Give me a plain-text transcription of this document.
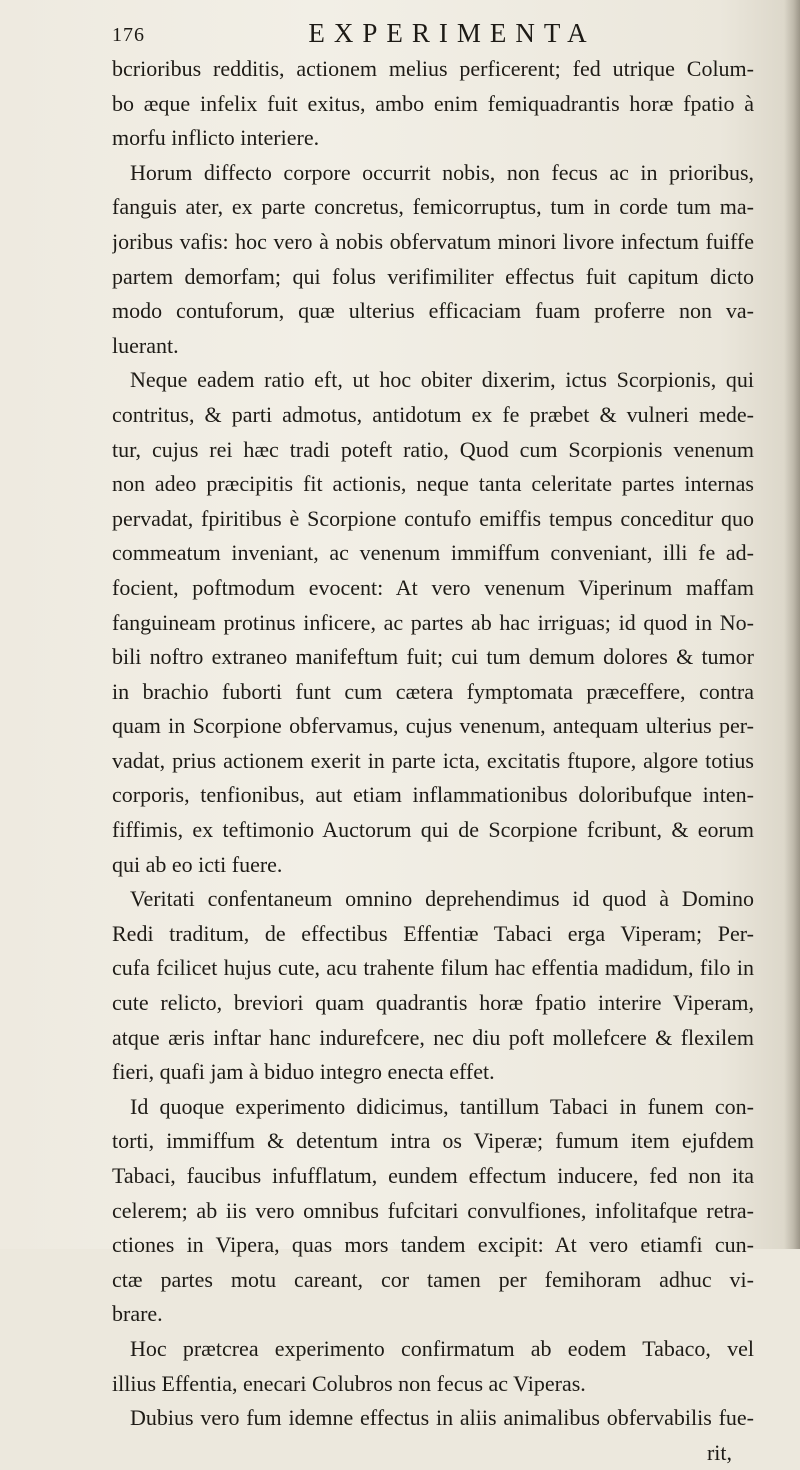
176	EXPERIMENTA
bcrioribus redditis, actionem melius perficerent; fed utrique Colum-
bo æque infelix fuit exitus, ambo enim femiquadrantis horæ fpatio à
morfu inflicto interiere.
Horum diffecto corpore occurrit nobis, non fecus ac in prioribus,
fanguis ater, ex parte concretus, femicorruptus, tum in corde tum ma-
joribus vafis: hoc vero à nobis obfervatum minori livore infectum fuiffe
partem demorfam; qui folus verifimiliter effectus fuit capitum dicto
modo contuforum, quæ ulterius efficaciam fuam proferre non va-
luerant.
Neque eadem ratio eft, ut hoc obiter dixerim, ictus Scorpionis, qui
contritus, & parti admotus, antidotum ex fe præbet & vulneri mede-
tur, cujus rei hæc tradi poteft ratio, Quod cum Scorpionis venenum
non adeo præcipitis fit actionis, neque tanta celeritate partes internas
pervadat, fpiritibus è Scorpione contufo emiffis tempus conceditur quo
commeatum inveniant, ac venenum immiffum conveniant, illi fe ad-
focient, poftmodum evocent: At vero venenum Viperinum maffam
fanguineam protinus inficere, ac partes ab hac irriguas; id quod in No-
bili noftro extraneo manifeftum fuit; cui tum demum dolores & tumor
in brachio fuborti funt cum cætera fymptomata præceffere, contra
quam in Scorpione obfervamus, cujus venenum, antequam ulterius per-
vadat, prius actionem exerit in parte icta, excitatis ftupore, algore totius
corporis, tenfionibus, aut etiam inflammationibus doloribufque inten-
fiffimis, ex teftimonio Auctorum qui de Scorpione fcribunt, & eorum
qui ab eo icti fuere.
Veritati confentaneum omnino deprehendimus id quod à Domino
Redi traditum, de effectibus Effentiæ Tabaci erga Viperam; Per-
cufa fcilicet hujus cute, acu trahente filum hac effentia madidum, filo in
cute relicto, breviori quam quadrantis horæ fpatio interire Viperam,
atque æris inftar hanc indurefcere, nec diu poft mollefcere & flexilem
fieri, quafi jam à biduo integro enecta effet.
Id quoque experimento didicimus, tantillum Tabaci in funem con-
torti, immiffum & detentum intra os Viperæ; fumum item ejufdem
Tabaci, faucibus infufflatum, eundem effectum inducere, fed non ita
celerem; ab iis vero omnibus fufcitari convulfiones, infolitafque retra-
ctiones in Vipera, quas mors tandem excipit: At vero etiamfi cun-
ctæ partes motu careant, cor tamen per femihoram adhuc vi-
brare.
Hoc prætcrea experimento confirmatum ab eodem Tabaco, vel
illius Effentia, enecari Colubros non fecus ac Viperas.
Dubius vero fum idemne effectus in aliis animalibus obfervabilis fue-
rit,
